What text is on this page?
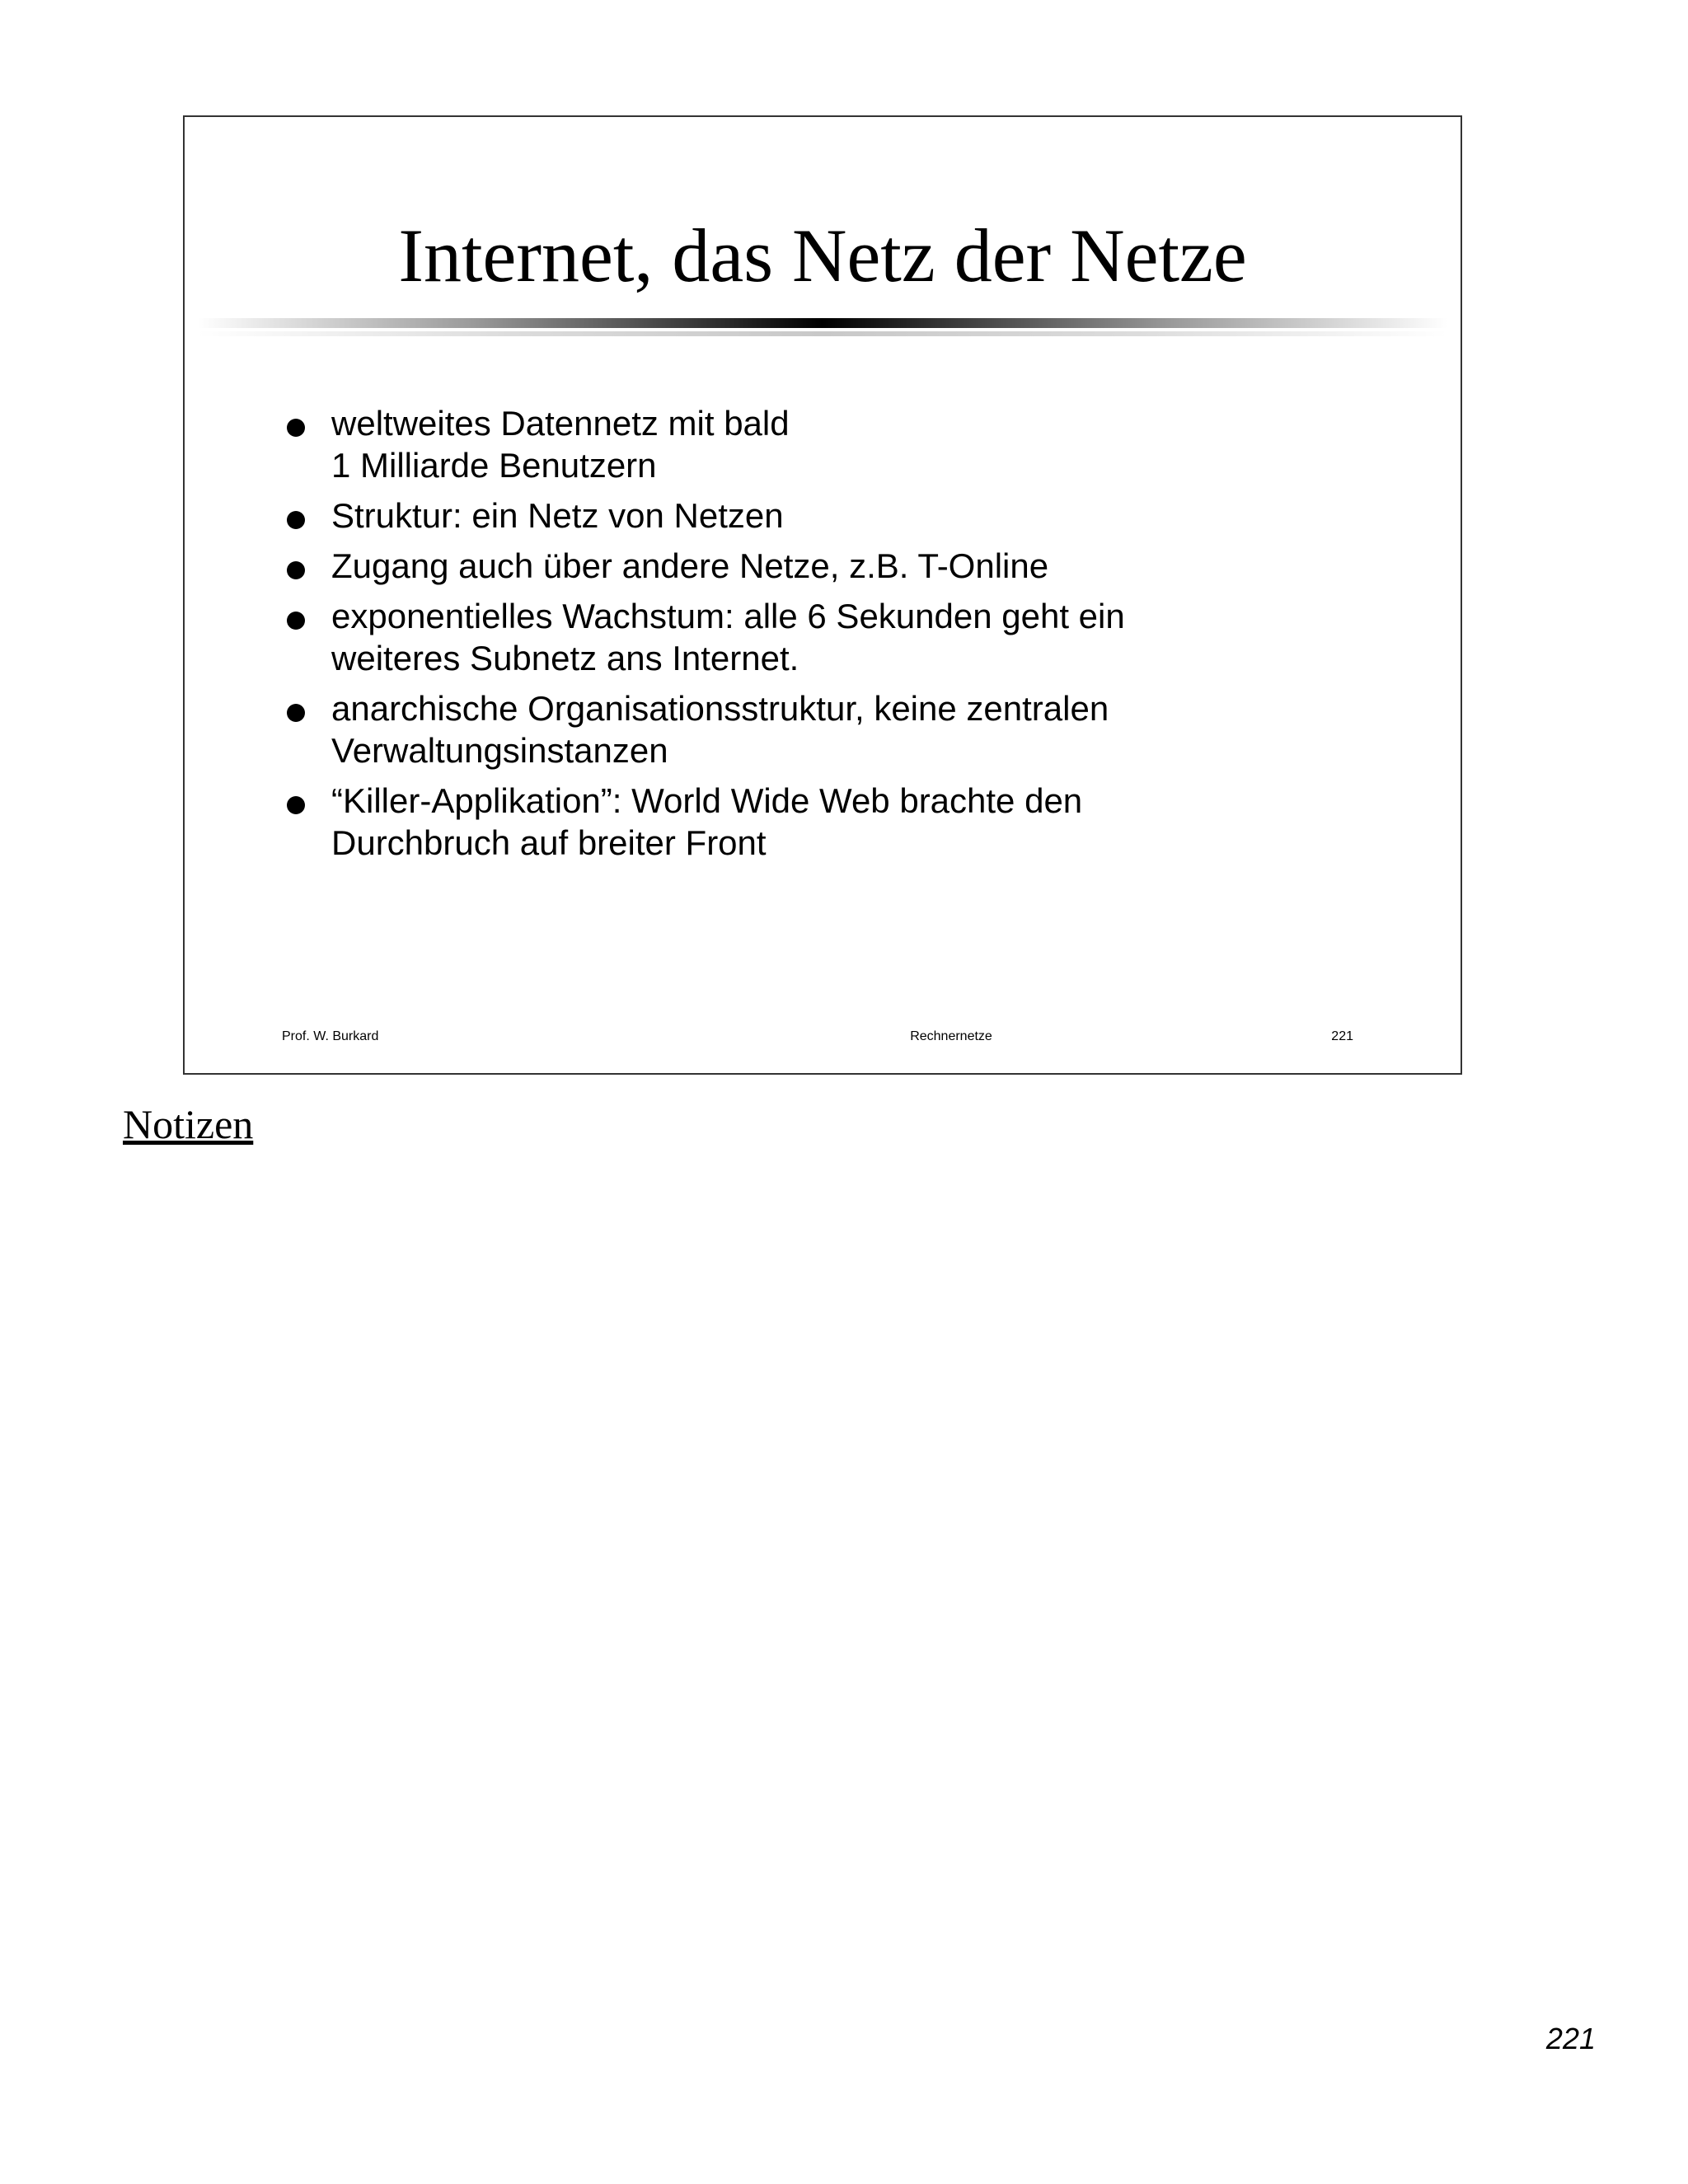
Internet, das Netz der Netze
weltweites Datennetz mit bald
1 Milliarde Benutzern
Struktur: ein Netz von Netzen
Zugang auch über andere Netze, z.B. T-Online
exponentielles Wachstum: alle 6 Sekunden geht ein
weiteres Subnetz ans Internet.
anarchische Organisationsstruktur, keine zentralen
Verwaltungsinstanzen
“Killer-Applikation”: World Wide Web brachte den
Durchbruch auf breiter Front
Prof. W. Burkard	Rechnernetze	221
Notizen
221
